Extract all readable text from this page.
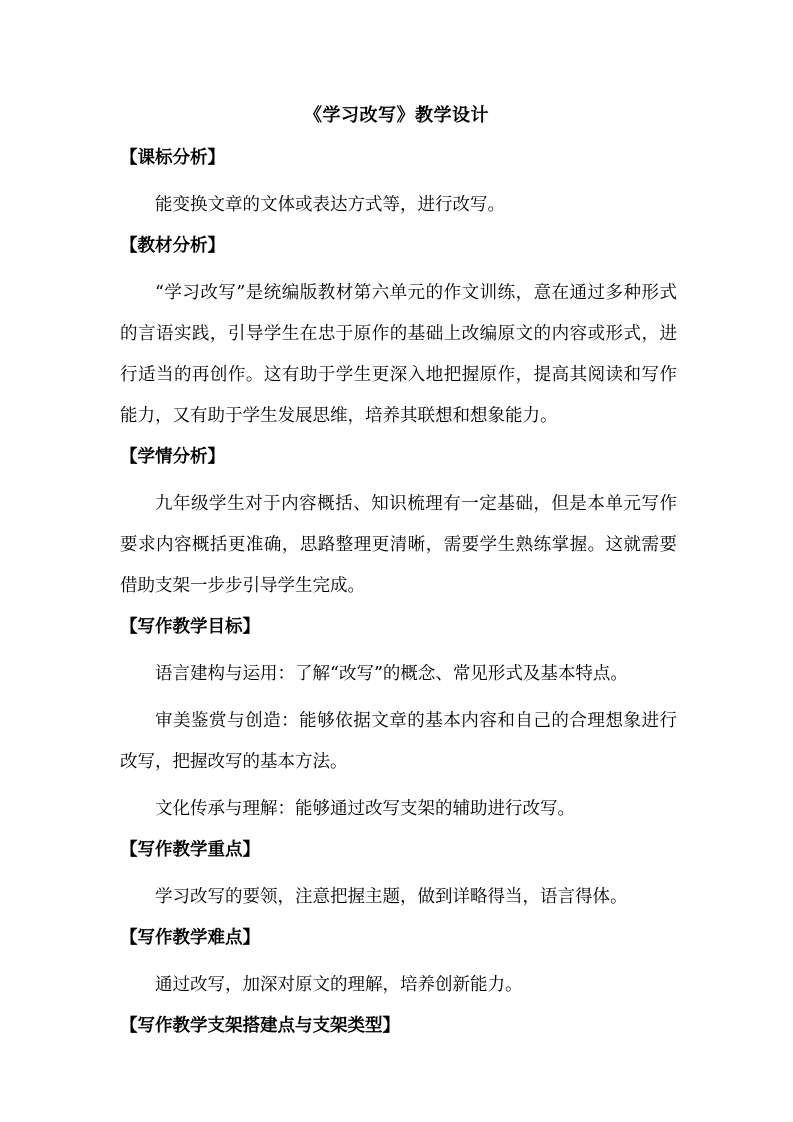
《学习改写》教学设计
【课标分析】

能变换文章的文体或表达方式等，进行改写。

【教材分析】

“学习改写”是统编版教材第六单元的作文训练，意在通过多种形式的言语实践，引导学生在忠于原作的基础上改编原文的内容或形式，进行适当的再创作。这有助于学生更深入地把握原作，提高其阅读和写作能力，又有助于学生发展思维，培养其联想和想象能力。

【学情分析】

九年级学生对于内容概括、知识梳理有一定基础，但是本单元写作要求内容概括更准确，思路整理更清晰，需要学生熟练掌握。这就需要借助支架一步步引导学生完成。

【写作教学目标】

语言建构与运用：了解“改写”的概念、常见形式及基本特点。

审美鉴赏与创造：能够依据文章的基本内容和自己的合理想象进行改写，把握改写的基本方法。

文化传承与理解：能够通过改写支架的辅助进行改写。

【写作教学重点】

学习改写的要领，注意把握主题，做到详略得当，语言得体。

【写作教学难点】

通过改写，加深对原文的理解，培养创新能力。

【写作教学支架搭建点与支架类型】
